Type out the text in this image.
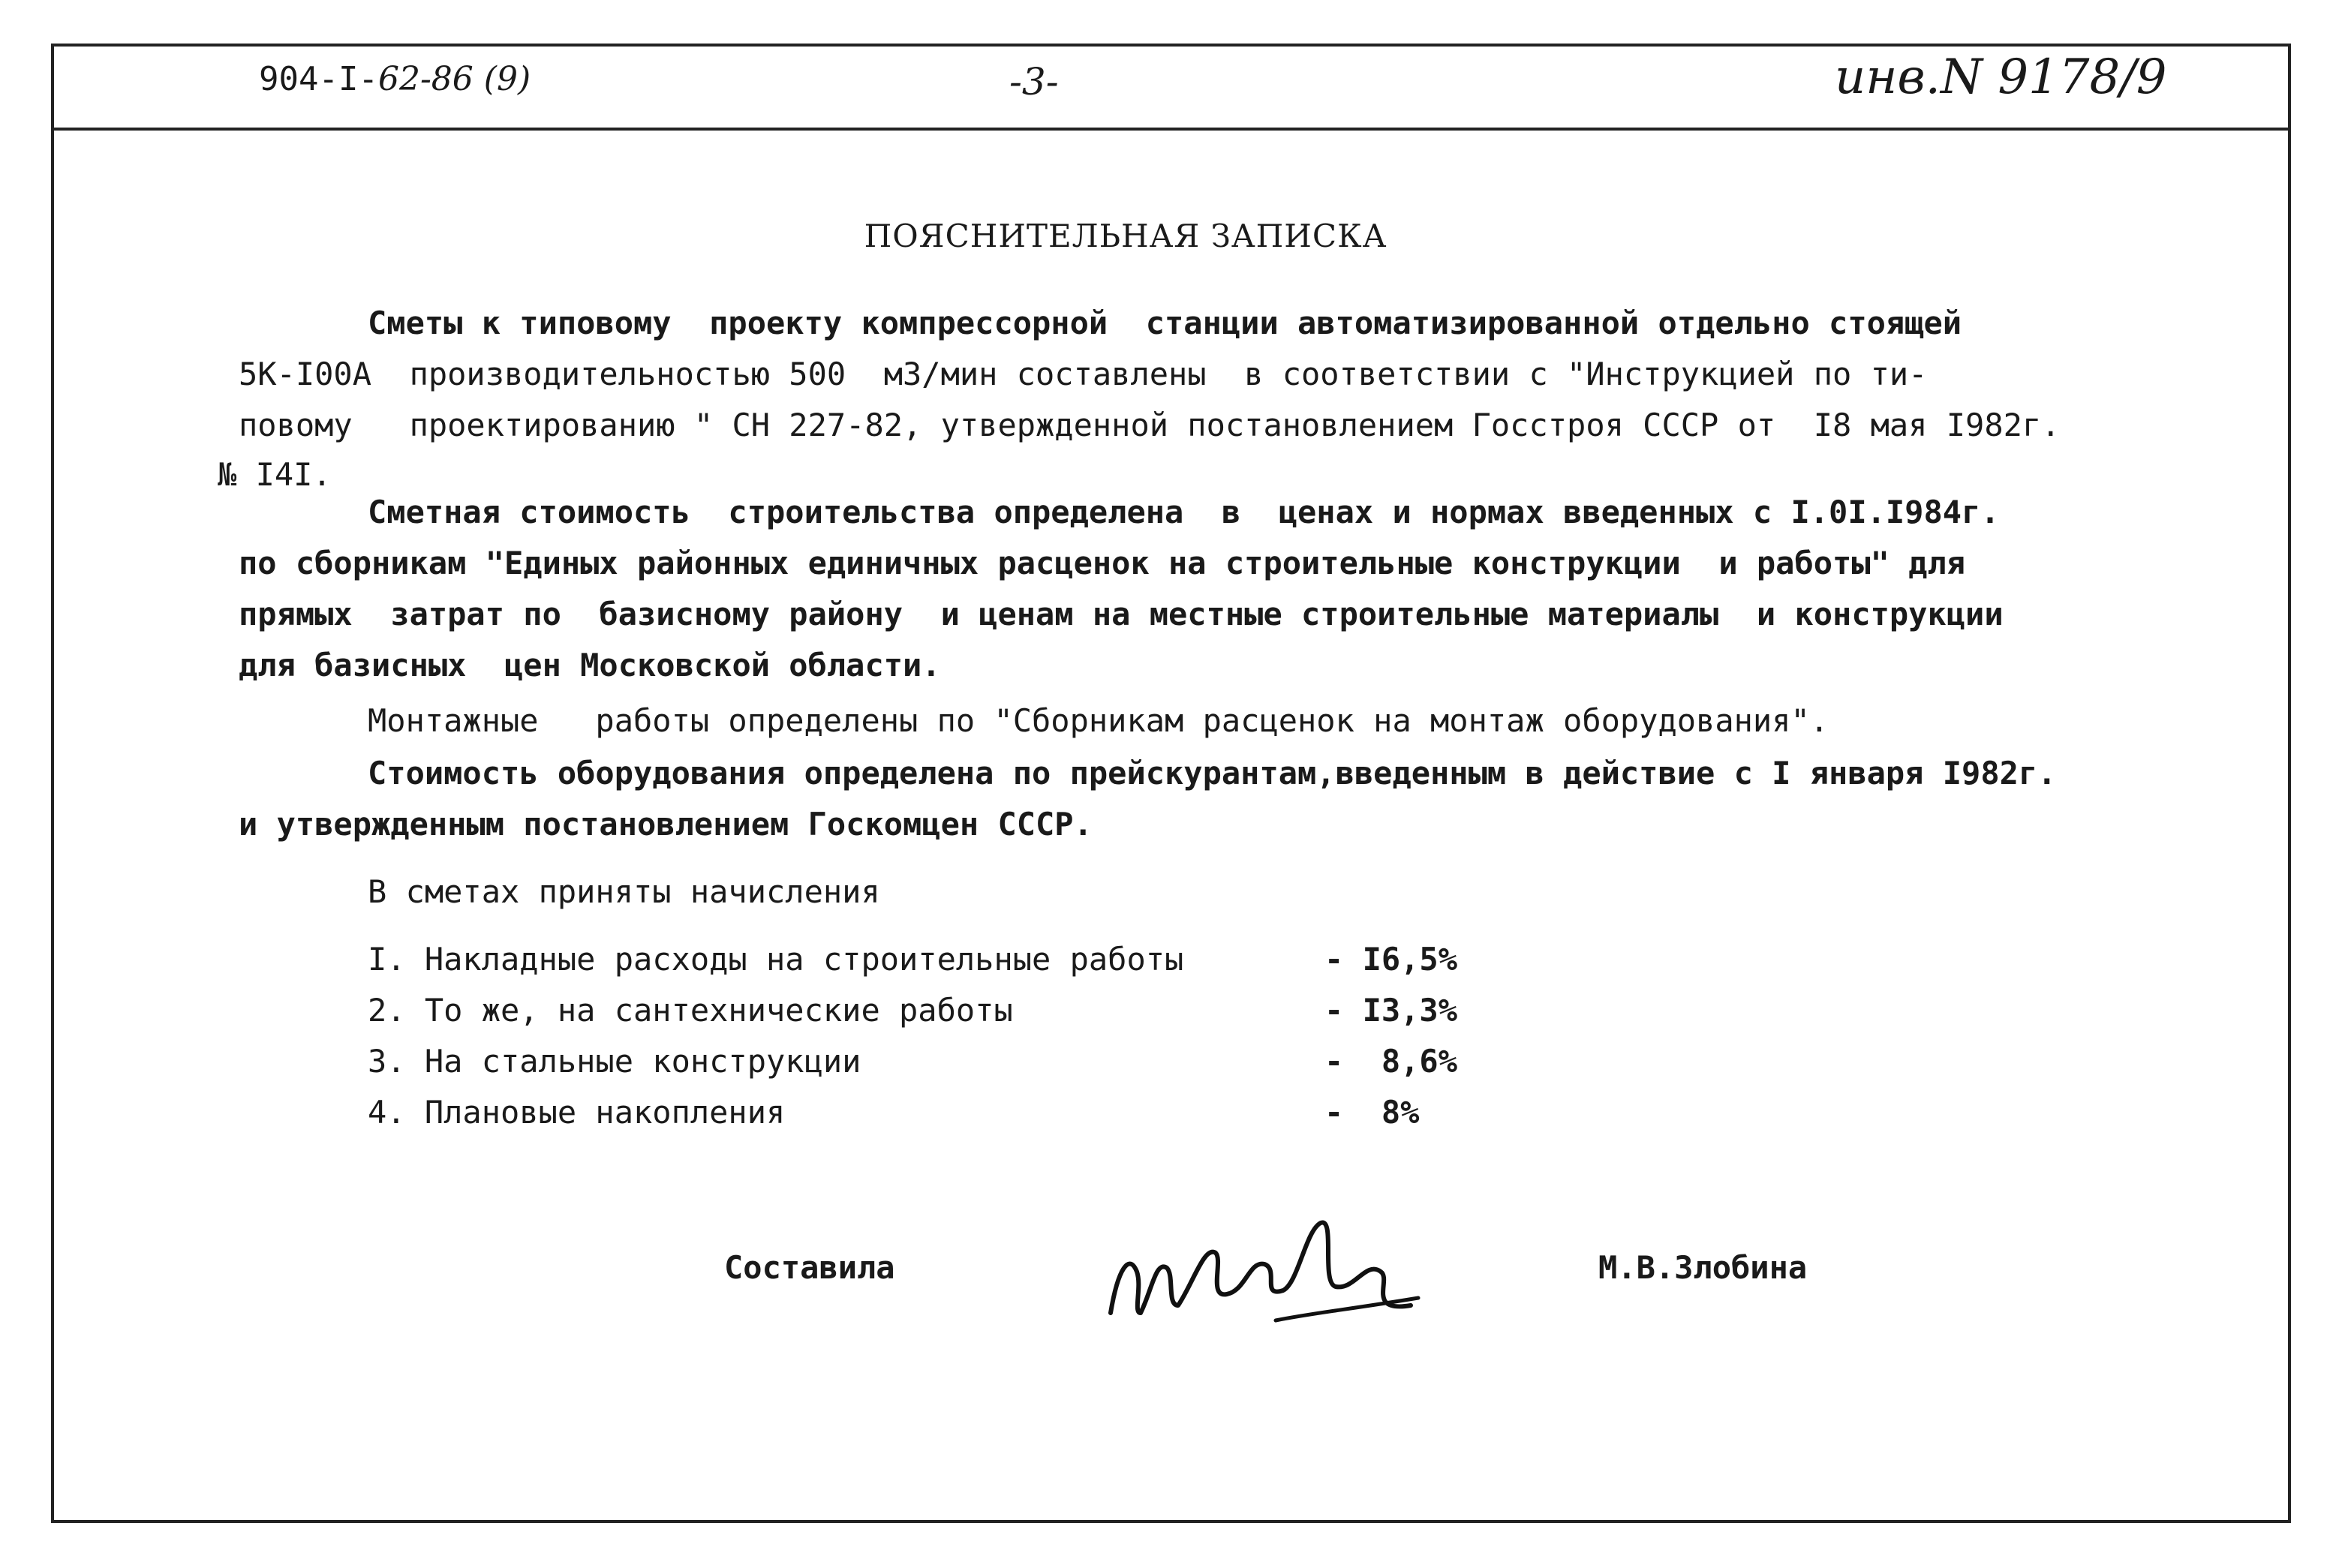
904-I-62-86 (9)	-3-	инв.N 9178/9
ПОЯСНИТЕЛЬНАЯ ЗАПИСКА
Сметы к типовому  проекту компрессорной  станции автоматизированной отдельно стоящей
5К-I00А  производительностью 500  м3/мин составлены  в соответствии с "Инструкцией по ти-
повому   проектированию " СН 227-82, утвержденной постановлением Госстроя СССР от  I8 мая I982г.
№ I4I.
Сметная стоимость  строительства определена  в  ценах и нормах введенных с I.0I.I984г.
по сборникам "Единых районных единичных расценок на строительные конструкции  и работы" для
прямых  затрат по  базисному району  и ценам на местные строительные материалы  и конструкции
для базисных  цен Московской области.
Монтажные   работы определены по "Сборникам расценок на монтаж оборудования".
Стоимость оборудования определена по прейскурантам,введенным в действие с I января I982г.
и утвержденным постановлением Госкомцен СССР.
В сметах приняты начисления
I. Накладные расходы на строительные работы	- I6,5%
2. То же, на сантехнические работы	- I3,3%
3. На стальные конструкции	-  8,6%
4. Плановые накопления	-  8%
Составила	М.В.Злобина
